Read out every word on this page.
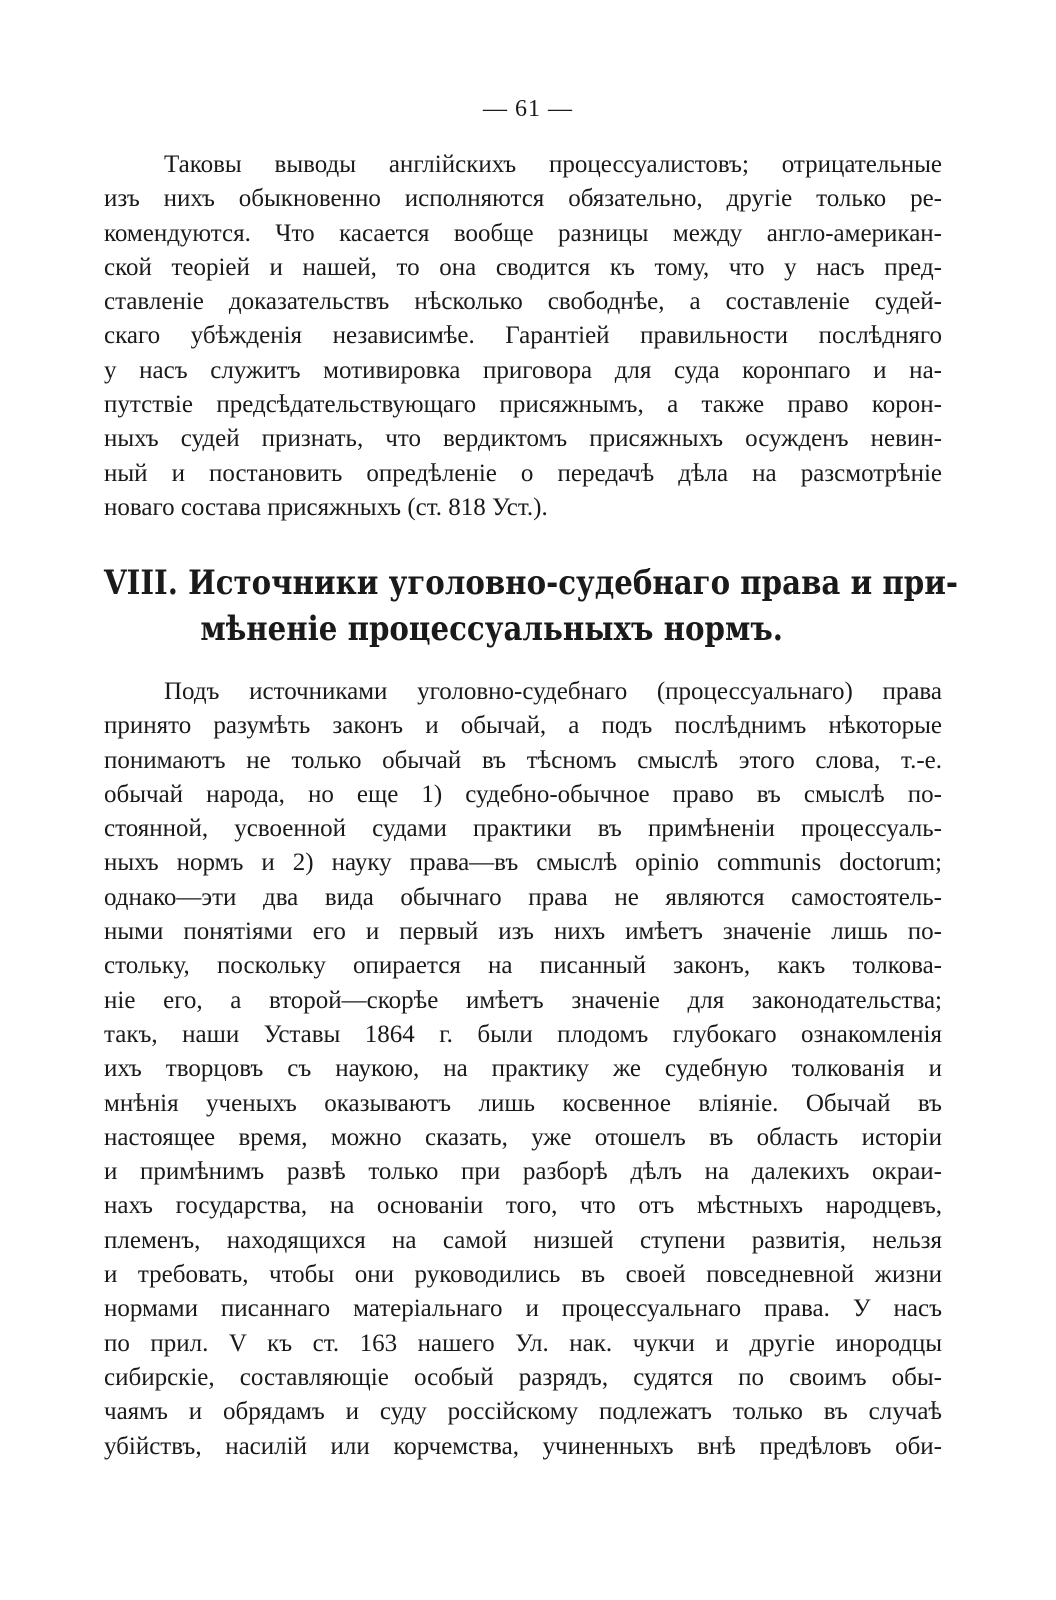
— 61 —
Таковы выводы англійскихъ процессуалистовъ; отрицательные
изъ нихъ обыкновенно исполняются обязательно, другіе только ре-
комендуются. Что касается вообще разницы между англо-американ-
ской теоріей и нашей, то она сводится къ тому, что у насъ пред-
ставленіе доказательствъ нѣсколько свободнѣе, а составленіе судей-
скаго убѣжденія независимѣе. Гарантіей правильности послѣдняго
у насъ служитъ мотивировка приговора для суда коронпаго и на-
путствіе предсѣдательствующаго присяжнымъ, а также право корон-
ныхъ судей признать, что вердиктомъ присяжныхъ осужденъ невин-
ный и постановить опредѣленіе о передачѣ дѣла на разсмотрѣніе
новаго состава присяжныхъ (ст. 818 Уст.).
VIII. Источники уголовно-судебнаго права и при-
мѣненіе процессуальныхъ нормъ.
Подъ источниками уголовно-судебнаго (процессуальнаго) права
принято разумѣть законъ и обычай, а подъ послѣднимъ нѣкоторые
понимаютъ не только обычай въ тѣсномъ смыслѣ этого слова, т.-е.
обычай народа, но еще 1) судебно-обычное право въ смыслѣ по-
стоянной, усвоенной судами практики въ примѣненіи процессуаль-
ныхъ нормъ и 2) науку права—въ смыслѣ opinio communis doctorum;
однако—эти два вида обычнаго права не являются самостоятель-
ными понятіями его и первый изъ нихъ имѣетъ значеніе лишь по-
стольку, поскольку опирается на писанный законъ, какъ толкова-
ніе его, а второй—скорѣе имѣетъ значеніе для законодательства;
такъ, наши Уставы 1864 г. были плодомъ глубокаго ознакомленія
ихъ творцовъ съ наукою, на практику же судебную толкованія и
мнѣнія ученыхъ оказываютъ лишь косвенное вліяніе. Обычай въ
настоящее время, можно сказать, уже отошелъ въ область исторіи
и примѣнимъ развѣ только при разборѣ дѣлъ на далекихъ окраи-
нахъ государства, на основаніи того, что отъ мѣстныхъ народцевъ,
племенъ, находящихся на самой низшей ступени развитія, нельзя
и требовать, чтобы они руководились въ своей повседневной жизни
нормами писаннаго матеріальнаго и процессуальнаго права. У насъ
по прил. V къ ст. 163 нашего Ул. нак. чукчи и другіе инородцы
сибирскіе, составляющіе особый разрядъ, судятся по своимъ обы-
чаямъ и обрядамъ и суду россійскому подлежатъ только въ случаѣ
убійствъ, насилій или корчемства, учиненныхъ внѣ предѣловъ оби-
